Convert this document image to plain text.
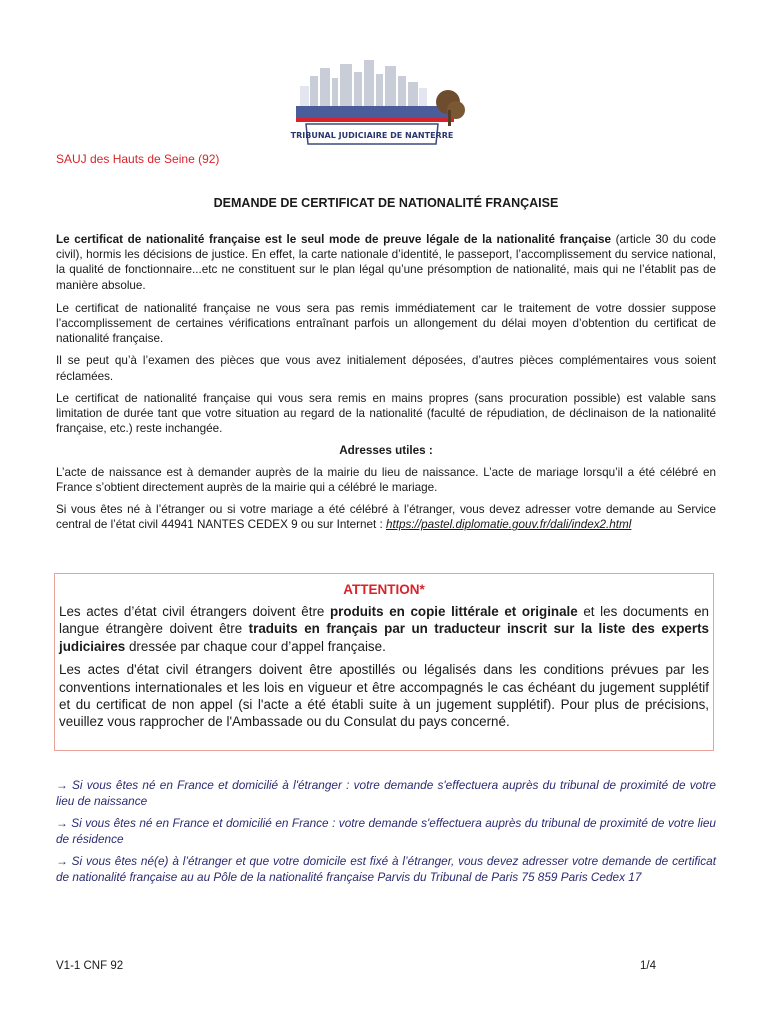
TRIBUNAL JUDICIAIRE DE NANTERRE
SAUJ des Hauts de Seine (92)
DEMANDE DE CERTIFICAT DE NATIONALITÉ FRANÇAISE

Le certificat de nationalité française est le seul mode de preuve légale de la nationalité française (article 30 du code civil), hormis les décisions de justice. En effet, la carte nationale d’identité, le passeport, l’accomplissement du service national, la qualité de fonctionnaire...etc ne constituent sur le plan légal qu’une présomption de nationalité, mais qui ne l’établit pas de manière absolue.

Le certificat de nationalité française ne vous sera pas remis immédiatement car le traitement de votre dossier suppose l’accomplissement de certaines vérifications entraînant parfois un allongement du délai moyen d’obtention du certificat de nationalité française.

Il se peut qu’à l’examen des pièces que vous avez initialement déposées, d’autres pièces complémentaires vous soient réclamées.

Le certificat de nationalité française qui vous sera remis en mains propres (sans procuration possible) est valable sans limitation de durée tant que votre situation au regard de la nationalité (faculté de répudiation, de déclinaison de la nationalité française, etc.) reste inchangée.

Adresses utiles :

L’acte de naissance est à demander auprès de la mairie du lieu de naissance. L’acte de mariage lorsqu’il a été célébré en France s’obtient directement auprès de la mairie qui a célébré le mariage.

Si vous êtes né à l’étranger ou si votre mariage a été célébré à l’étranger, vous devez adresser votre demande au Service central de l’état civil 44941 NANTES CEDEX 9 ou sur Internet : https://pastel.diplomatie.gouv.fr/dali/index2.html

ATTENTION*

Les actes d’état civil étrangers doivent être produits en copie littérale et originale et les documents en langue étrangère doivent être traduits en français par un traducteur inscrit sur la liste des experts judiciaires dressée par chaque cour d’appel française.

Les actes d'état civil étrangers doivent être apostillés ou légalisés dans les conditions prévues par les conventions internationales et les lois en vigueur et être accompagnés le cas échéant du jugement supplétif et du certificat de non appel (si l'acte a été établi suite à un jugement supplétif). Pour plus de précisions, veuillez vous rapprocher de l'Ambassade ou du Consulat du pays concerné.

→ Si vous êtes né en France et domicilié à l'étranger : votre demande s'effectuera auprès du tribunal de proximité de votre lieu de naissance

→ Si vous êtes né en France et domicilié en France : votre demande s'effectuera auprès du tribunal de proximité de votre lieu de résidence

→ Si vous êtes né(e) à l’étranger et que votre domicile est fixé à l’étranger, vous devez adresser votre demande de certificat de nationalité française au au Pôle de la nationalité française Parvis du Tribunal de Paris 75 859 Paris Cedex 17

V1-1 CNF 92	1/4
